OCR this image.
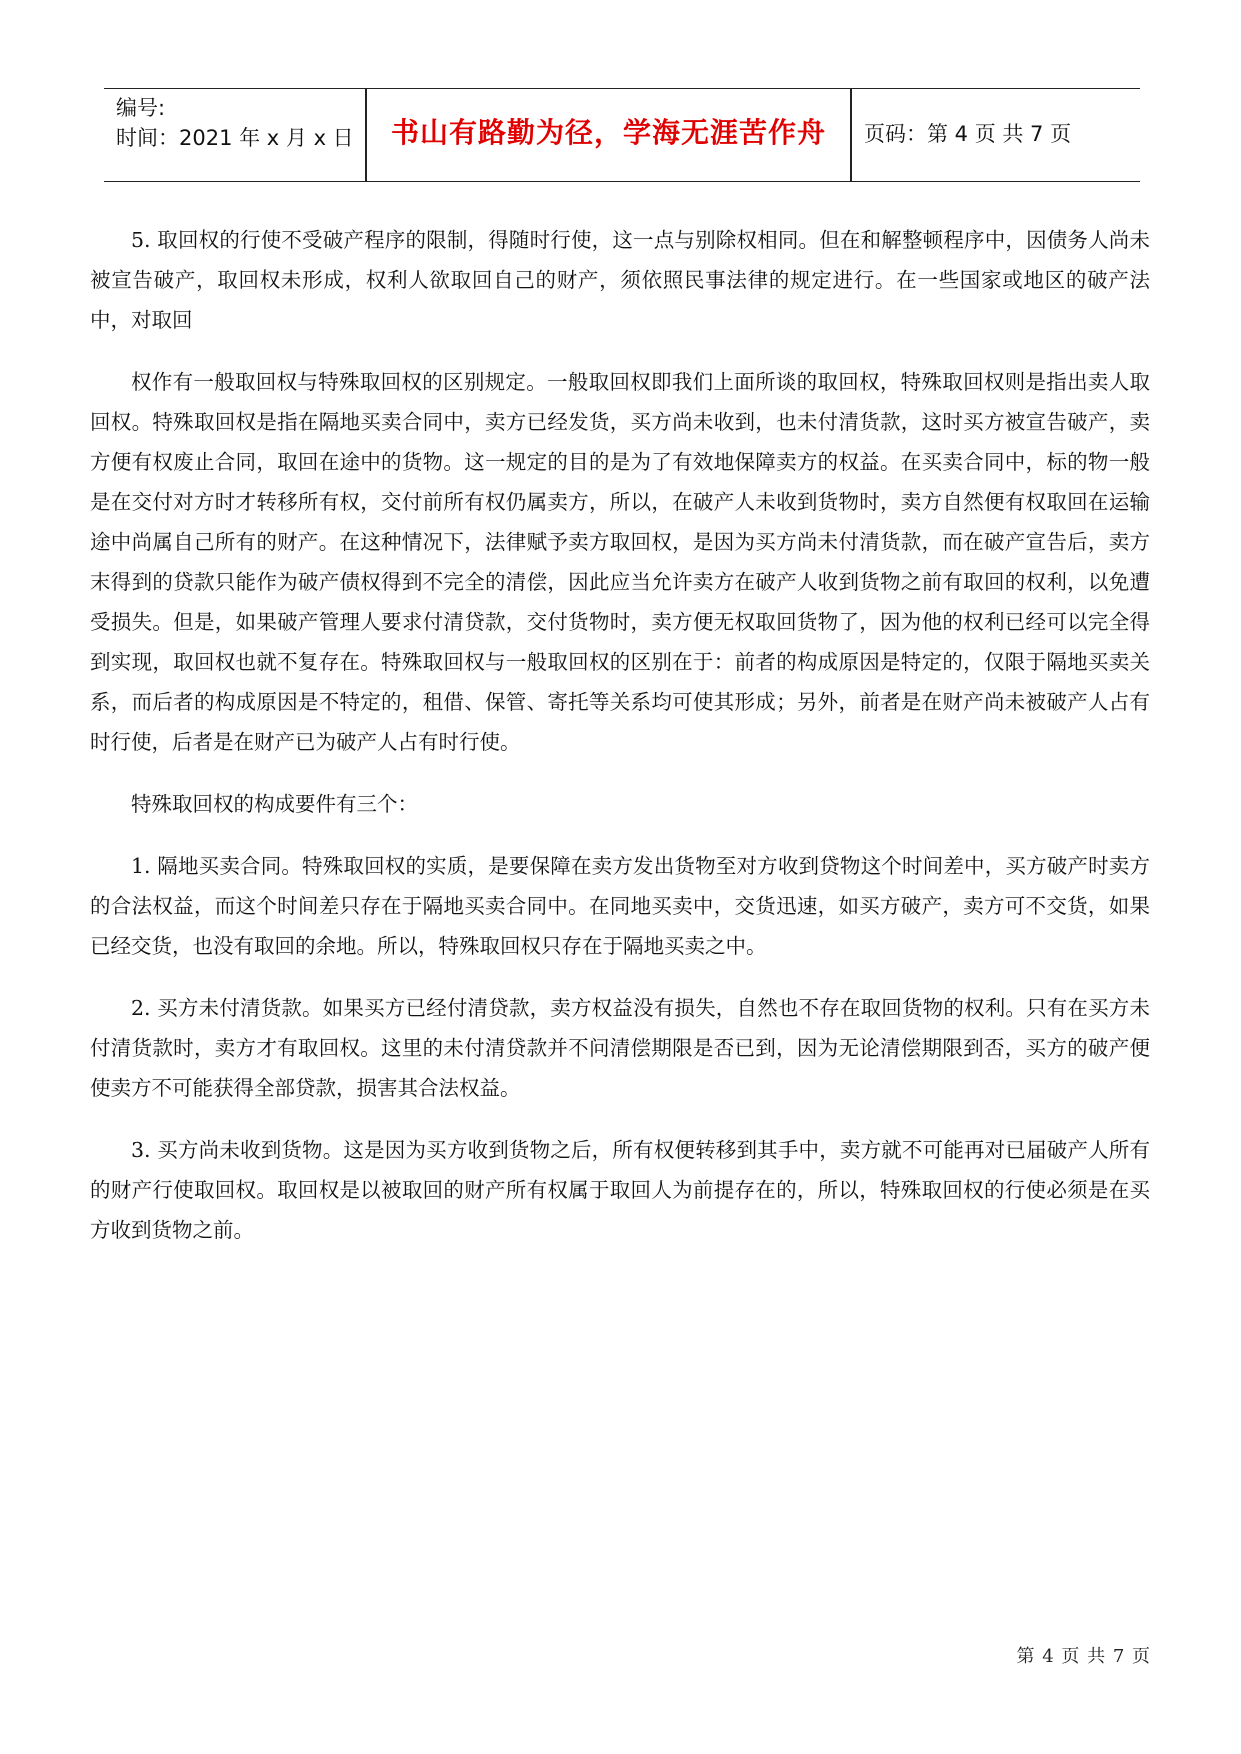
编号:
时间：2021 年 x 月 x 日	书山有路勤为径，学海无涯苦作舟	页码：第 4 页 共 7 页

5. 取回权的行使不受破产程序的限制，得随时行使，这一点与别除权相同。但在和解整顿程序中，因债务人尚未被宣告破产，取回权未形成，权利人欲取回自己的财产，须依照民事法律的规定进行。在一些国家或地区的破产法中，对取回

权作有一般取回权与特殊取回权的区别规定。一般取回权即我们上面所谈的取回权，特殊取回权则是指出卖人取回权。特殊取回权是指在隔地买卖合同中，卖方已经发货，买方尚未收到，也未付清货款，这时买方被宣告破产，卖方便有权废止合同，取回在途中的货物。这一规定的目的是为了有效地保障卖方的权益。在买卖合同中，标的物一般是在交付对方时才转移所有权，交付前所有权仍属卖方，所以，在破产人未收到货物时，卖方自然便有权取回在运输途中尚属自己所有的财产。在这种情况下，法律赋予卖方取回权，是因为买方尚未付清货款，而在破产宣告后，卖方末得到的贷款只能作为破产债权得到不完全的清偿，因此应当允许卖方在破产人收到货物之前有取回的权利，以免遭受损失。但是，如果破产管理人要求付清贷款，交付货物时，卖方便无权取回货物了，因为他的权利已经可以完全得到实现，取回权也就不复存在。特殊取回权与一般取回权的区别在于：前者的构成原因是特定的，仅限于隔地买卖关系，而后者的构成原因是不特定的，租借、保管、寄托等关系均可使其形成；另外，前者是在财产尚未被破产人占有时行使，后者是在财产已为破产人占有时行使。

特殊取回权的构成要件有三个：

1. 隔地买卖合同。特殊取回权的实质，是要保障在卖方发出货物至对方收到贷物这个时间差中，买方破产时卖方的合法权益，而这个时间差只存在于隔地买卖合同中。在同地买卖中，交货迅速，如买方破产，卖方可不交货，如果已经交货，也没有取回的余地。所以，特殊取回权只存在于隔地买卖之中。

2. 买方未付清货款。如果买方已经付清贷款，卖方权益没有损失，自然也不存在取回货物的权利。只有在买方未付清货款时，卖方才有取回权。这里的未付清贷款并不问清偿期限是否已到，因为无论清偿期限到否，买方的破产便使卖方不可能获得全部贷款，损害其合法权益。

3. 买方尚未收到货物。这是因为买方收到货物之后，所有权便转移到其手中，卖方就不可能再对已届破产人所有的财产行使取回权。取回权是以被取回的财产所有权属于取回人为前提存在的，所以，特殊取回权的行使必须是在买方收到货物之前。

第 4 页 共 7 页
